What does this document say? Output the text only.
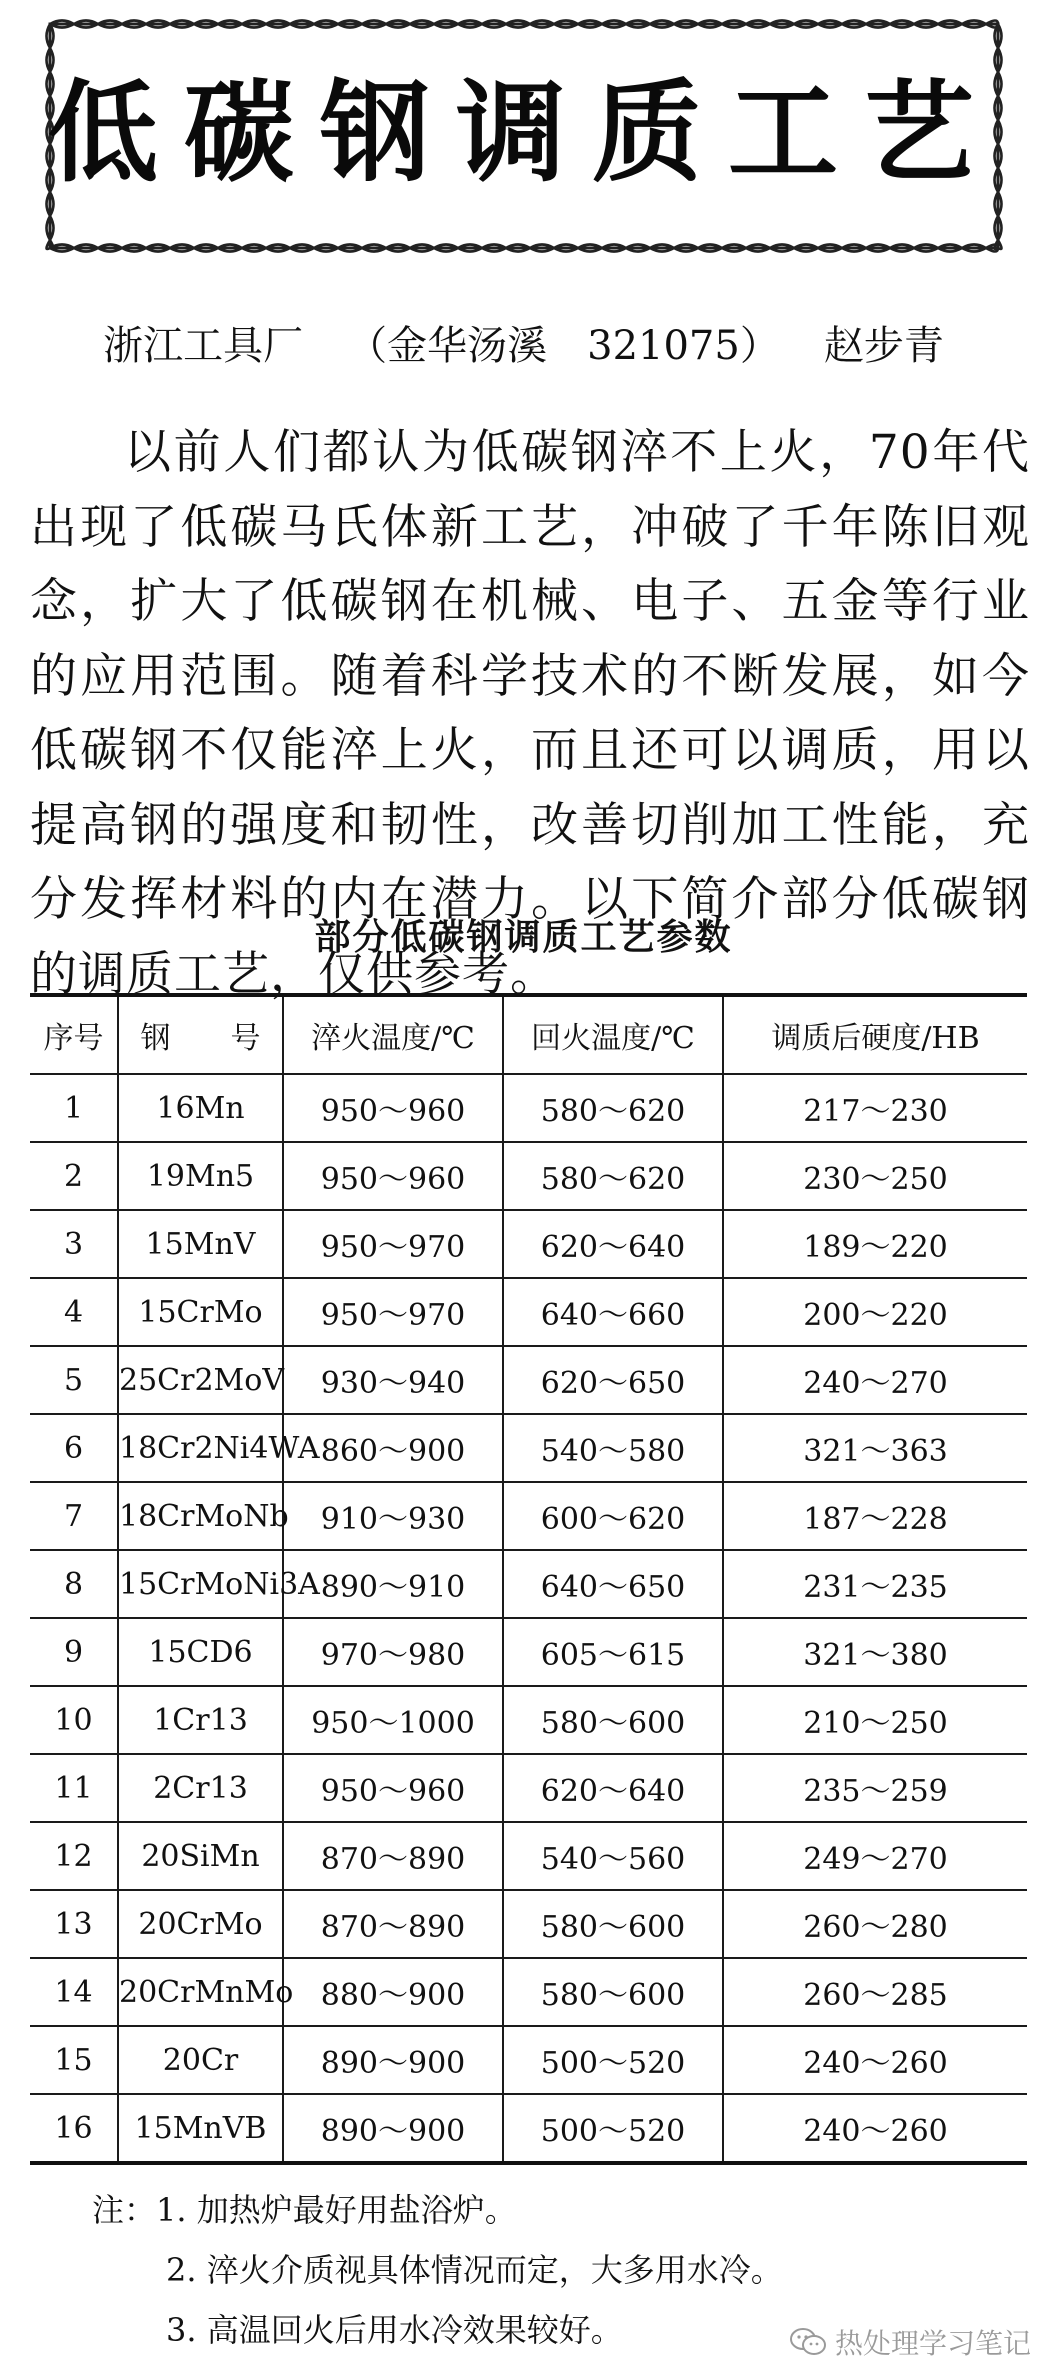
低碳钢调质工艺
浙江工具厂 （金华汤溪　321075） 赵步青
以前人们都认为低碳钢淬不上火，70年代出现了低碳马氏体新工艺，冲破了千年陈旧观念，扩大了低碳钢在机械、电子、五金等行业的应用范围。随着科学技术的不断发展，如今低碳钢不仅能淬上火，而且还可以调质，用以提高钢的强度和韧性，改善切削加工性能，充分发挥材料的内在潜力。以下简介部分低碳钢的调质工艺，仅供参考。
部分低碳钢调质工艺参数
序号	钢　　号	淬火温度/℃	回火温度/℃	调质后硬度/HB
1	16Mn	950～960	580～620	217～230
2	19Mn5	950～960	580～620	230～250
3	15MnV	950～970	620～640	189～220
4	15CrMo	950～970	640～660	200～220
5	25Cr2MoV	930～940	620～650	240～270
6	18Cr2Ni4WA	860～900	540～580	321～363
7	18CrMoNb	910～930	600～620	187～228
8	15CrMoNi3A	890～910	640～650	231～235
9	15CD6	970～980	605～615	321～380
10	1Cr13	950～1000	580～600	210～250
11	2Cr13	950～960	620～640	235～259
12	20SiMn	870～890	540～560	249～270
13	20CrMo	870～890	580～600	260～280
14	20CrMnMo	880～900	580～600	260～285
15	20Cr	890～900	500～520	240～260
16	15MnVB	890～900	500～520	240～260
注：1. 加热炉最好用盐浴炉。
2. 淬火介质视具体情况而定，大多用水冷。
3. 高温回火后用水冷效果较好。	热处理学习笔记
